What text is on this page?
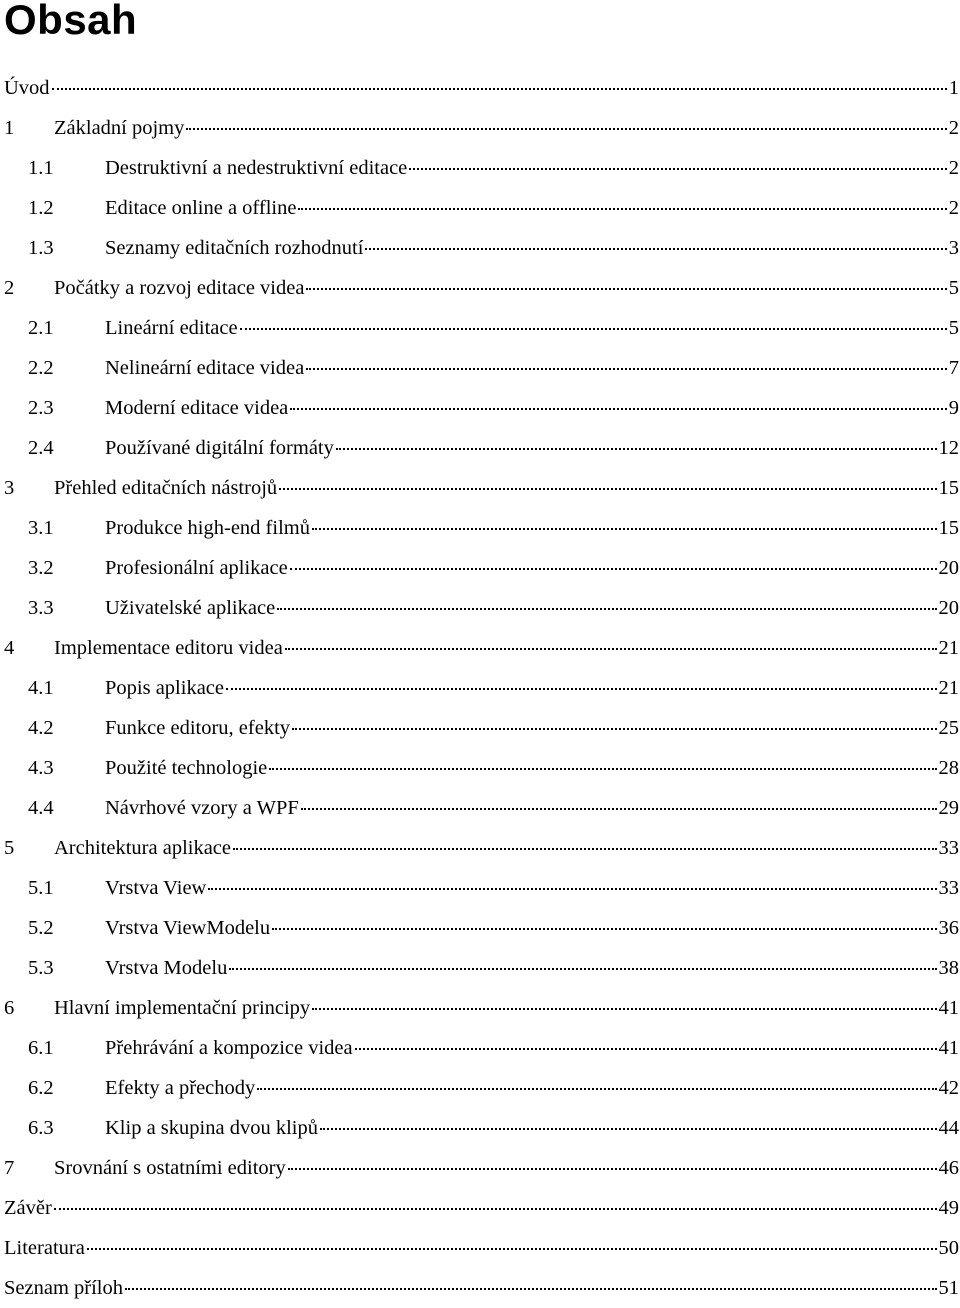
Obsah
Úvod	1
1	Základní pojmy	2
1.1	Destruktivní a nedestruktivní editace	2
1.2	Editace online a offline	2
1.3	Seznamy editačních rozhodnutí	3
2	Počátky a rozvoj editace videa	5
2.1	Lineární editace	5
2.2	Nelineární editace videa	7
2.3	Moderní editace videa	9
2.4	Používané digitální formáty	12
3	Přehled editačních nástrojů	15
3.1	Produkce high-end filmů	15
3.2	Profesionální aplikace	20
3.3	Uživatelské aplikace	20
4	Implementace editoru videa	21
4.1	Popis aplikace	21
4.2	Funkce editoru, efekty	25
4.3	Použité technologie	28
4.4	Návrhové vzory a WPF	29
5	Architektura aplikace	33
5.1	Vrstva View	33
5.2	Vrstva ViewModelu	36
5.3	Vrstva Modelu	38
6	Hlavní implementační principy	41
6.1	Přehrávání a kompozice videa	41
6.2	Efekty a přechody	42
6.3	Klip a skupina dvou klipů	44
7	Srovnání s ostatními editory	46
Závěr	49
Literatura	50
Seznam příloh	51
